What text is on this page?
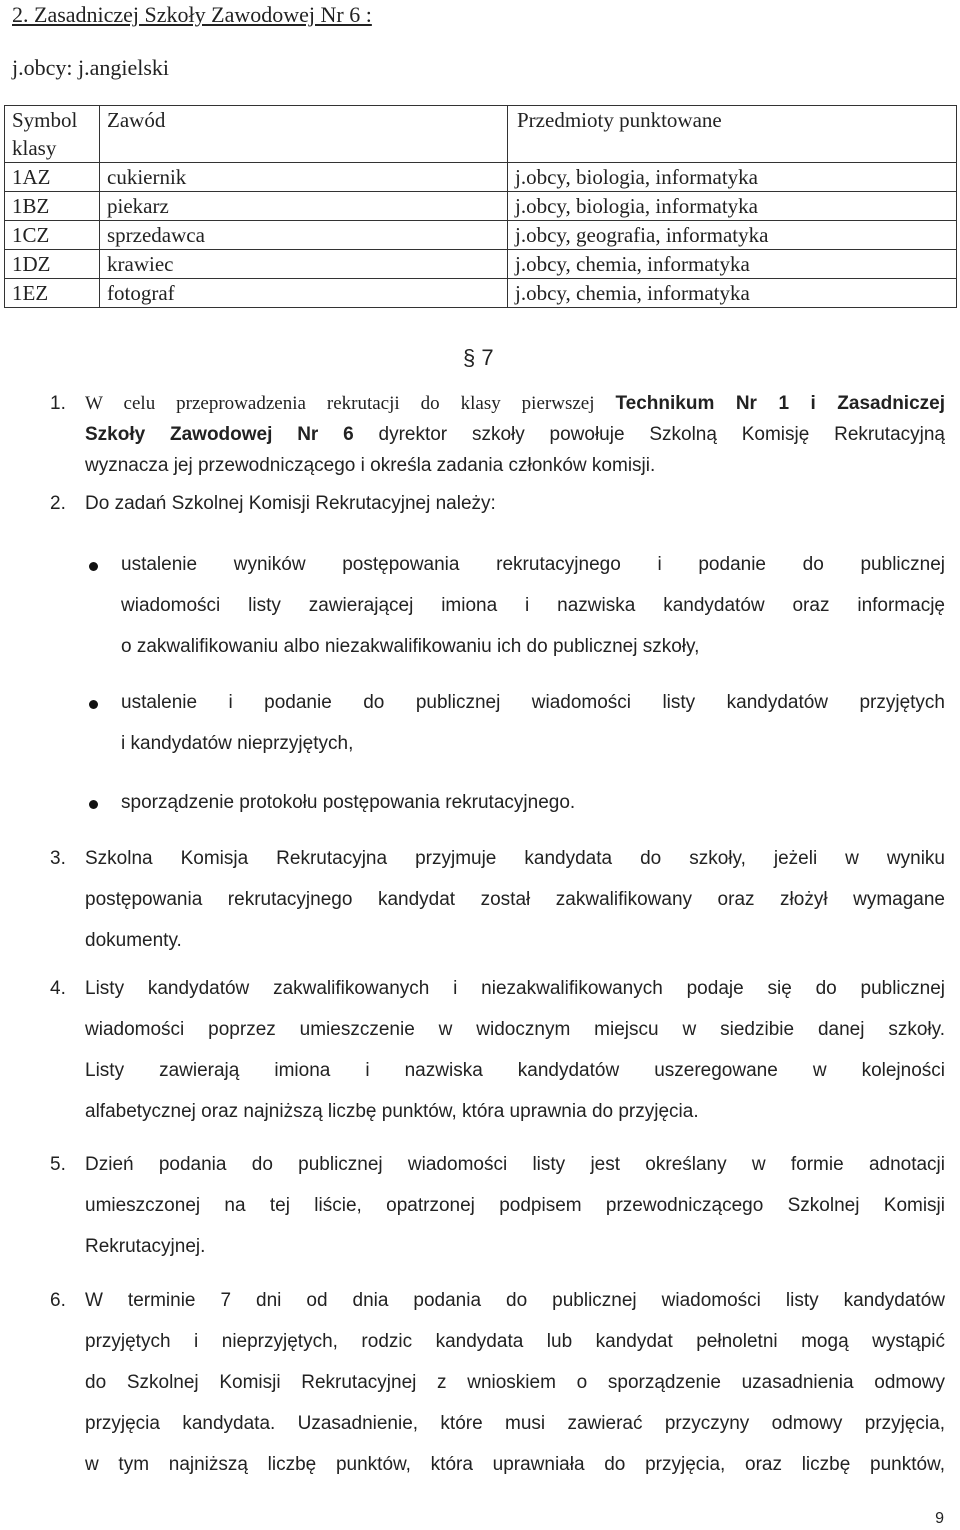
2. Zasadniczej Szkoły Zawodowej Nr 6 :
j.obcy: j.angielski
Symbol klasy	Zawód	Przedmioty punktowane
1AZ	cukiernik	j.obcy, biologia, informatyka
1BZ	piekarz	j.obcy, biologia, informatyka
1CZ	sprzedawca	j.obcy, geografia, informatyka
1DZ	krawiec	j.obcy, chemia, informatyka
1EZ	fotograf	j.obcy, chemia, informatyka
§ 7
1. W celu przeprowadzenia rekrutacji do klasy pierwszej Technikum Nr 1 i Zasadniczej
Szkoły Zawodowej Nr 6 dyrektor szkoły powołuje Szkolną Komisję Rekrutacyjną
wyznacza jej przewodniczącego i określa zadania członków komisji.
2. Do zadań Szkolnej Komisji Rekrutacyjnej należy:
ustalenie wyników postępowania rekrutacyjnego i podanie do publicznej
wiadomości listy zawierającej imiona i nazwiska kandydatów oraz informację
o zakwalifikowaniu albo niezakwalifikowaniu ich do publicznej szkoły,
ustalenie i podanie do publicznej wiadomości listy kandydatów przyjętych
i kandydatów nieprzyjętych,
sporządzenie protokołu postępowania rekrutacyjnego.
3. Szkolna Komisja Rekrutacyjna przyjmuje kandydata do szkoły, jeżeli w wyniku
postępowania rekrutacyjnego kandydat został zakwalifikowany oraz złożył wymagane
dokumenty.
4. Listy kandydatów zakwalifikowanych i niezakwalifikowanych podaje się do publicznej
wiadomości poprzez umieszczenie w widocznym miejscu w siedzibie danej szkoły.
Listy zawierają imiona i nazwiska kandydatów uszeregowane w kolejności
alfabetycznej oraz najniższą liczbę punktów, która uprawnia do przyjęcia.
5. Dzień podania do publicznej wiadomości listy jest określany w formie adnotacji
umieszczonej na tej liście, opatrzonej podpisem przewodniczącego Szkolnej Komisji
Rekrutacyjnej.
6. W terminie 7 dni od dnia podania do publicznej wiadomości listy kandydatów
przyjętych i nieprzyjętych, rodzic kandydata lub kandydat pełnoletni mogą wystąpić
do Szkolnej Komisji Rekrutacyjnej z wnioskiem o sporządzenie uzasadnienia odmowy
przyjęcia kandydata. Uzasadnienie, które musi zawierać przyczyny odmowy przyjęcia,
w tym najniższą liczbę punktów, która uprawniała do przyjęcia, oraz liczbę punktów,
9
